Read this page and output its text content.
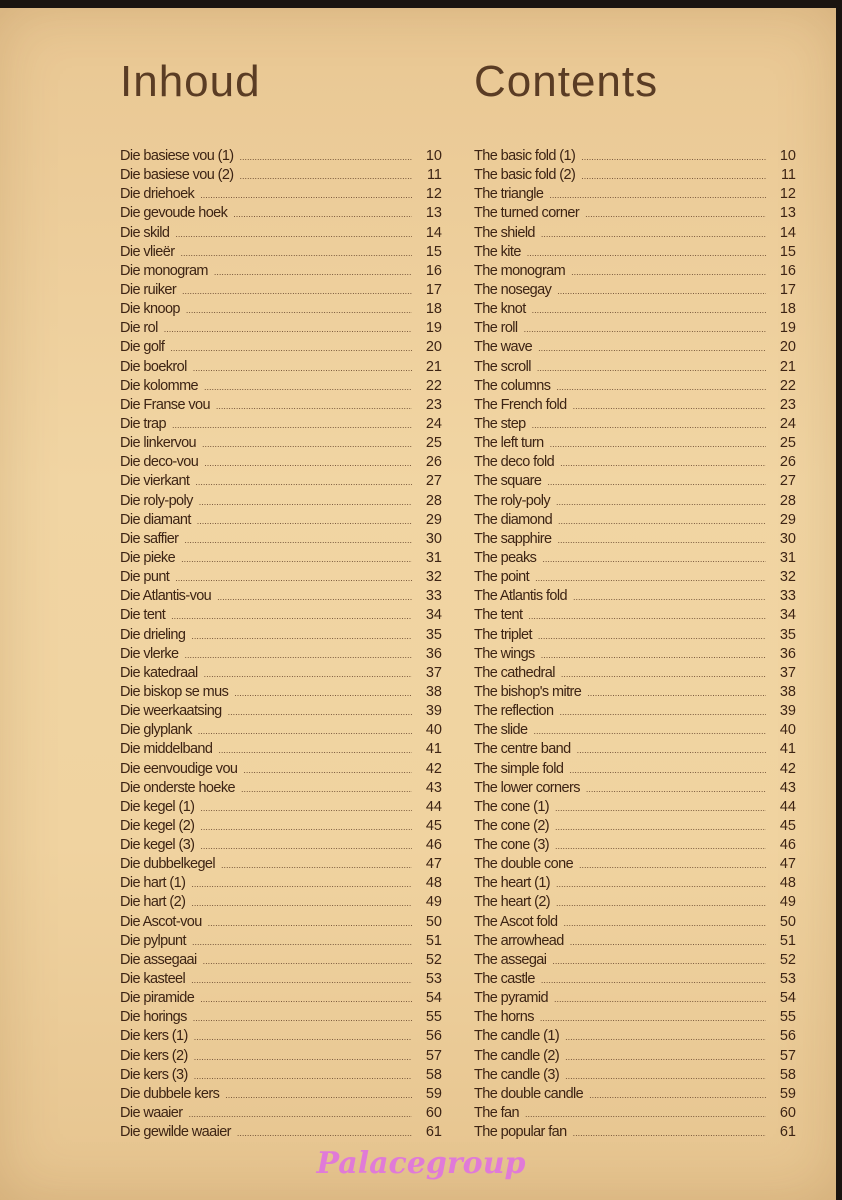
Inhoud
Die basiese vou (1) .....	10
Die basiese vou (2) .....	11
Die driehoek .....	12
Die gevoude hoek .....	13
Die skild .....	14
Die vlieër .....	15
Die monogram .....	16
Die ruiker .....	17
Die knoop .....	18
Die rol .....	19
Die golf .....	20
Die boekrol .....	21
Die kolomme .....	22
Die Franse vou .....	23
Die trap .....	24
Die linkervou .....	25
Die deco-vou .....	26
Die vierkant .....	27
Die roly-poly .....	28
Die diamant .....	29
Die saffier .....	30
Die pieke .....	31
Die punt .....	32
Die Atlantis-vou .....	33
Die tent .....	34
Die drieling .....	35
Die vlerke .....	36
Die katedraal .....	37
Die biskop se mus .....	38
Die weerkaatsing .....	39
Die glyplank .....	40
Die middelband .....	41
Die eenvoudige vou .....	42
Die onderste hoeke .....	43
Die kegel (1) .....	44
Die kegel (2) .....	45
Die kegel (3) .....	46
Die dubbelkegel .....	47
Die hart (1) .....	48
Die hart (2) .....	49
Die Ascot-vou .....	50
Die pylpunt .....	51
Die assegaai .....	52
Die kasteel .....	53
Die piramide .....	54
Die horings .....	55
Die kers (1) .....	56
Die kers (2) .....	57
Die kers (3) .....	58
Die dubbele kers .....	59
Die waaier .....	60
Die gewilde waaier .....	61
Contents
The basic fold (1) .....	10
The basic fold (2) .....	11
The triangle .....	12
The turned corner .....	13
The shield .....	14
The kite .....	15
The monogram .....	16
The nosegay .....	17
The knot .....	18
The roll .....	19
The wave .....	20
The scroll .....	21
The columns .....	22
The French fold .....	23
The step .....	24
The left turn .....	25
The deco fold .....	26
The square .....	27
The roly-poly .....	28
The diamond .....	29
The sapphire .....	30
The peaks .....	31
The point .....	32
The Atlantis fold .....	33
The tent .....	34
The triplet .....	35
The wings .....	36
The cathedral .....	37
The bishop's mitre .....	38
The reflection .....	39
The slide .....	40
The centre band .....	41
The simple fold .....	42
The lower corners .....	43
The cone (1) .....	44
The cone (2) .....	45
The cone (3) .....	46
The double cone .....	47
The heart (1) .....	48
The heart (2) .....	49
The Ascot fold .....	50
The arrowhead .....	51
The assegai .....	52
The castle .....	53
The pyramid .....	54
The horns .....	55
The candle (1) .....	56
The candle (2) .....	57
The candle (3) .....	58
The double candle .....	59
The fan .....	60
The popular fan .....	61

Palacegroup
